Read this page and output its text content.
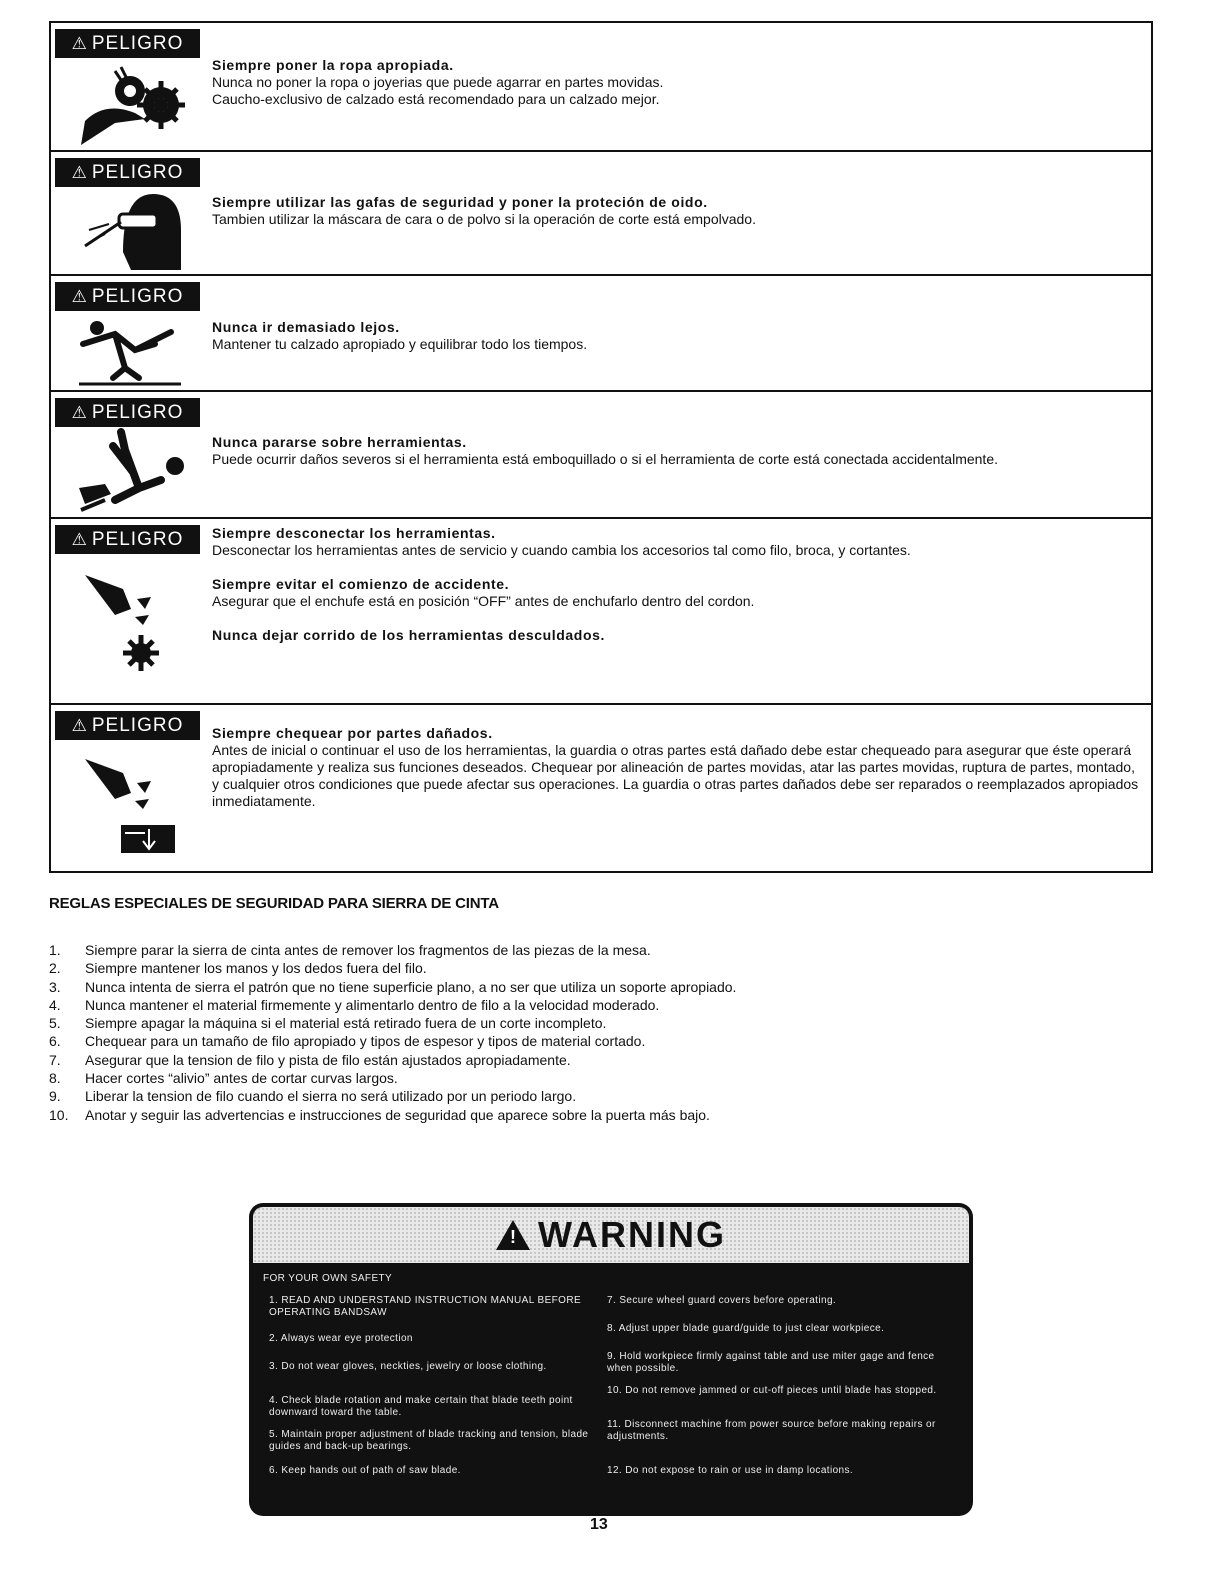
⚠ PELIGRO

Siempre poner la ropa apropiada.

Nunca no poner la ropa o joyerias que puede agarrar en partes movidas.

Caucho-exclusivo de calzado está recomendado para un calzado mejor.

⚠ PELIGRO

Siempre utilizar las gafas de seguridad y poner la proteción de oido.

Tambien utilizar la máscara de cara o de polvo si la operación de corte está empolvado.

⚠ PELIGRO

Nunca ir demasiado lejos.

Mantener tu calzado apropiado y equilibrar todo los tiempos.

⚠ PELIGRO

Nunca pararse sobre herramientas.

Puede ocurrir daños severos si el herramienta está emboquillado o si el herramienta de corte está conectada accidentalmente.

⚠ PELIGRO Siempre desconectar los herramientas.

Desconectar los herramientas antes de servicio y cuando cambia los accesorios tal como filo, broca, y cortantes.

Siempre evitar el comienzo de accidente.

Asegurar que el enchufe está en posición “OFF” antes de enchufarlo dentro del cordon.

Nunca dejar corrido de los herramientas desculdados.

⚠ PELIGRO Siempre chequear por partes dañados.

Antes de inicial o continuar el uso de los herramientas, la guardia o otras partes está dañado debe estar chequeado para asegurar que éste operará apropiadamente y realiza sus funciones deseados. Chequear por alineación de partes movidas, atar las partes movidas, ruptura de partes, montado, y cualquier otros condiciones que puede afectar sus operaciones. La guardia o otras partes dañados debe ser reparados o reemplazados apropiados inmediatamente.

REGLAS ESPECIALES DE SEGURIDAD PARA SIERRA DE CINTA
1.	Siempre parar la sierra de cinta antes de remover los fragmentos de las piezas de la mesa.
2.	Siempre mantener los manos y los dedos fuera del filo.
3.	Nunca intenta de sierra el patrón que no tiene superficie plano, a no ser que utiliza un soporte apropiado.
4.	Nunca mantener el material firmemente y alimentarlo dentro de filo a la velocidad moderado.
5.	Siempre apagar la máquina si el material está retirado fuera de un corte incompleto.
6.	Chequear para un tamaño de filo apropiado y tipos de espesor y tipos de material cortado.
7.	Asegurar que la tension de filo y pista de filo están ajustados apropiadamente.
8.	Hacer cortes “alivio” antes de cortar curvas largos.
9.	Liberar la tension de filo cuando el sierra no será utilizado por un periodo largo.
10.	Anotar y seguir las advertencias e instrucciones de seguridad que aparece sobre la puerta más bajo.
!
WARNING
FOR YOUR OWN SAFETY
1. READ AND UNDERSTAND INSTRUCTION MANUAL BEFORE OPERATING BANDSAW
2. Always wear eye protection
3. Do not wear gloves, neckties, jewelry or loose clothing.
4. Check blade rotation and make certain that blade teeth point downward toward the table.
5. Maintain proper adjustment of blade tracking and tension, blade guides and back-up bearings.
6. Keep hands out of path of saw blade.
7. Secure wheel guard covers before operating.
8. Adjust upper blade guard/guide to just clear workpiece.
9. Hold workpiece firmly against table and use miter gage and fence when possible.
10. Do not remove jammed or cut-off pieces until blade has stopped.
11. Disconnect machine from power source before making repairs or adjustments.
12. Do not expose to rain or use in damp locations.
13
